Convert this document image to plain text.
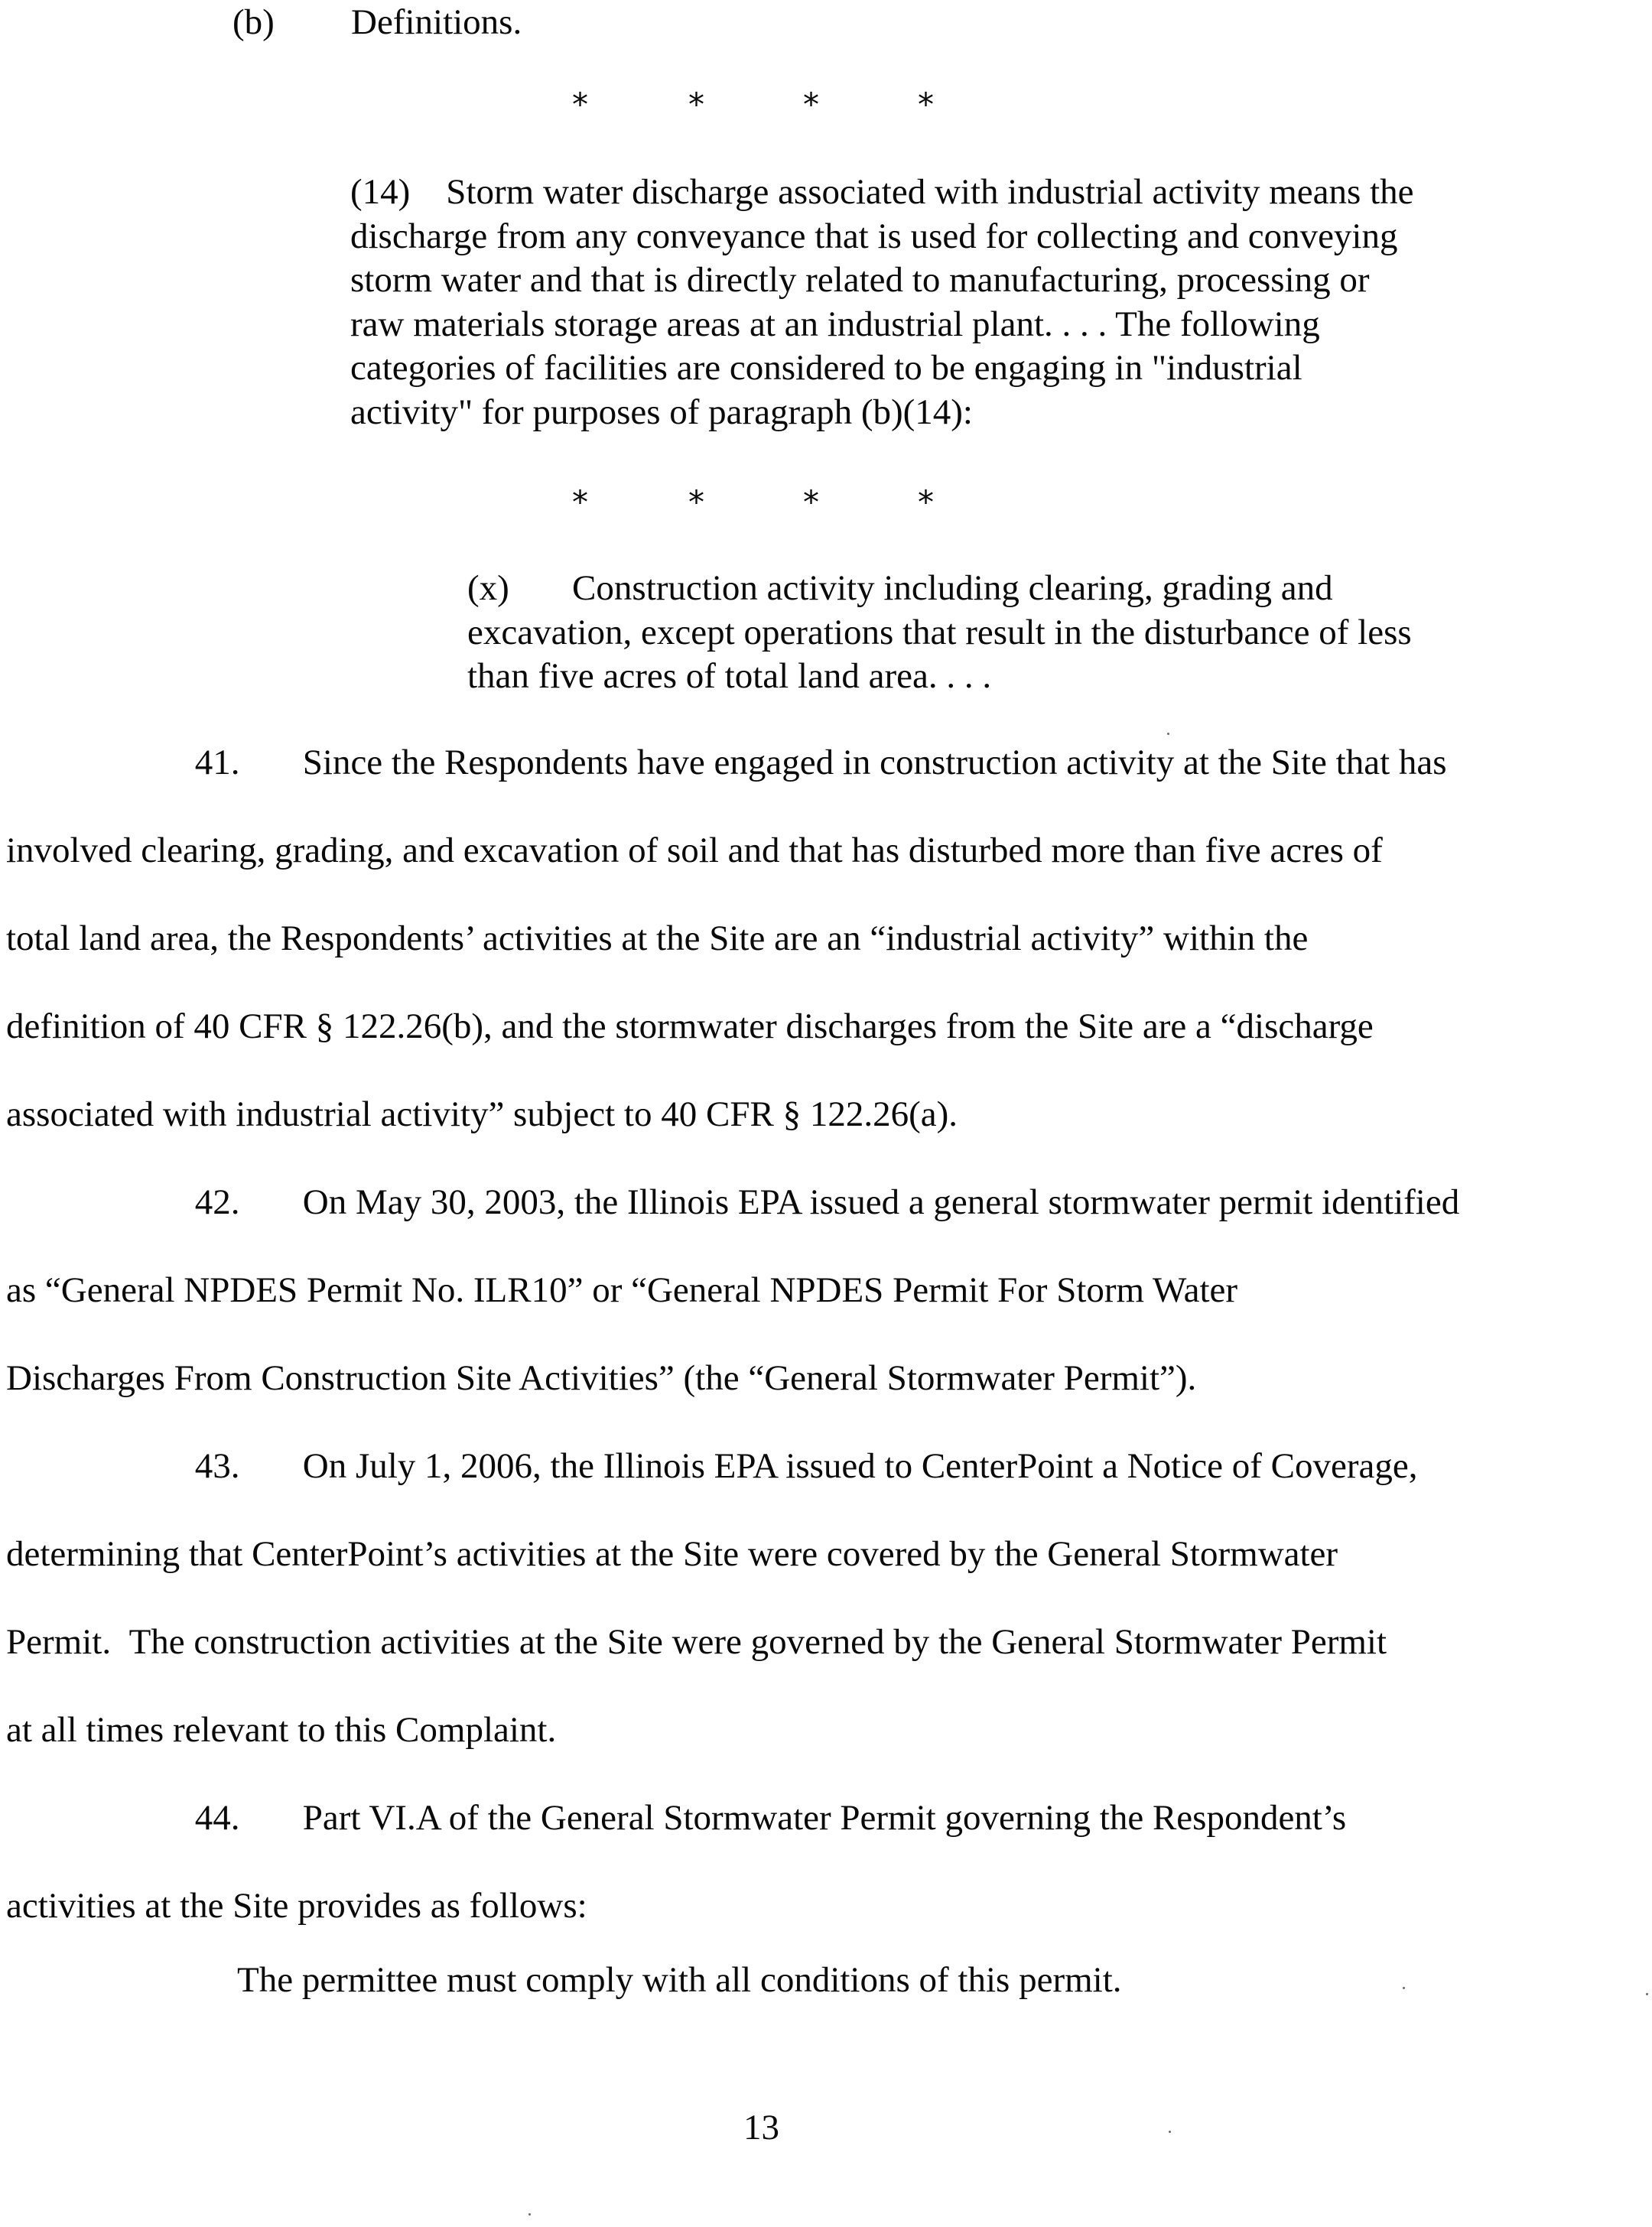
(b) Definitions.
*	*	*	*
(14)    Storm water discharge associated with industrial activity means the
discharge from any conveyance that is used for collecting and conveying
storm water and that is directly related to manufacturing, processing or
raw materials storage areas at an industrial plant. . . . The following
categories of facilities are considered to be engaging in "industrial
activity" for purposes of paragraph (b)(14):
*	*	*	*
(x)       Construction activity including clearing, grading and
excavation, except operations that result in the disturbance of less
than five acres of total land area. . . .
41.       Since the Respondents have engaged in construction activity at the Site that has
involved clearing, grading, and excavation of soil and that has disturbed more than five acres of
total land area, the Respondents’ activities at the Site are an “industrial activity” within the
definition of 40 CFR § 122.26(b), and the stormwater discharges from the Site are a “discharge
associated with industrial activity” subject to 40 CFR § 122.26(a).
42.       On May 30, 2003, the Illinois EPA issued a general stormwater permit identified
as “General NPDES Permit No. ILR10” or “General NPDES Permit For Storm Water
Discharges From Construction Site Activities” (the “General Stormwater Permit”).
43.       On July 1, 2006, the Illinois EPA issued to CenterPoint a Notice of Coverage,
determining that CenterPoint’s activities at the Site were covered by the General Stormwater
Permit.  The construction activities at the Site were governed by the General Stormwater Permit
at all times relevant to this Complaint.
44.       Part VI.A of the General Stormwater Permit governing the Respondent’s
activities at the Site provides as follows:
The permittee must comply with all conditions of this permit.
13
